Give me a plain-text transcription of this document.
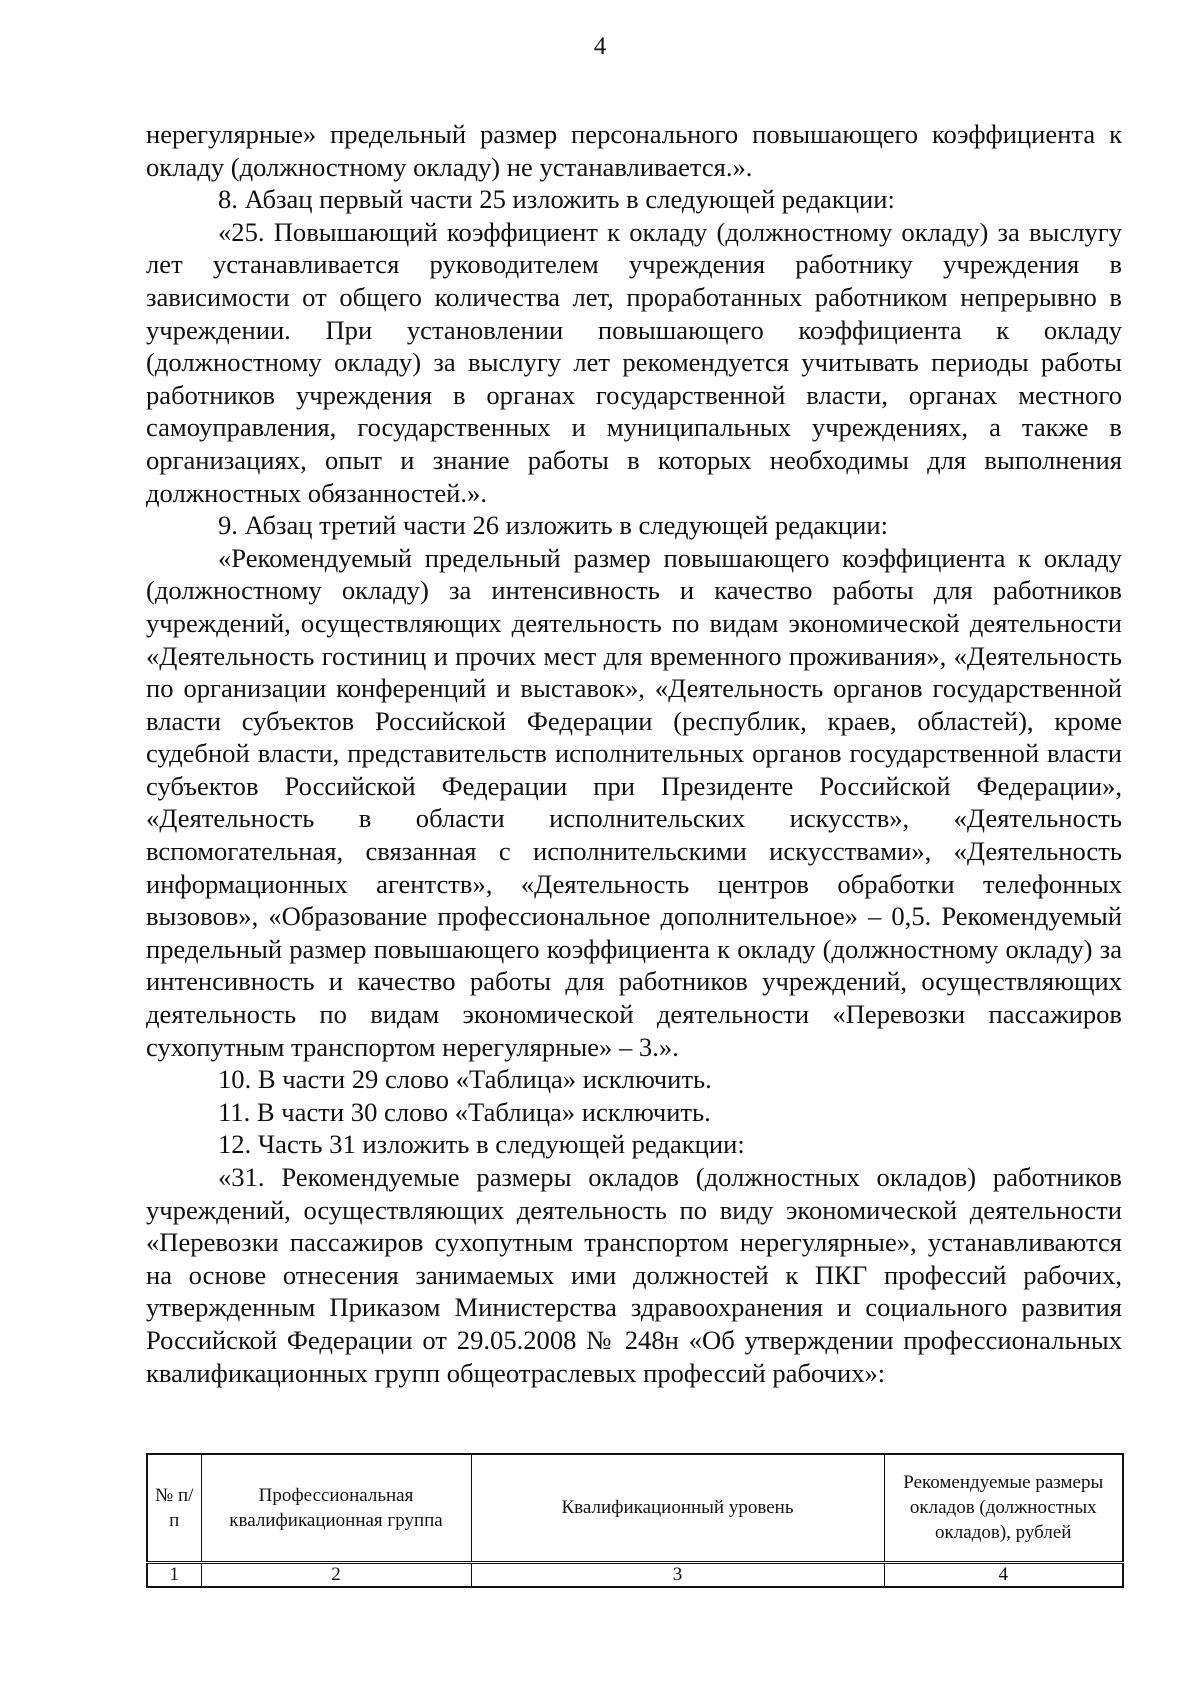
4

нерегулярные» предельный размер персонального повышающего коэффициента к окладу (должностному окладу) не устанавливается.».

8. Абзац первый части 25 изложить в следующей редакции:

«25. Повышающий коэффициент к окладу (должностному окладу) за выслугу лет устанавливается руководителем учреждения работнику учреждения в зависимости от общего количества лет, проработанных работником непрерывно в учреждении. При установлении повышающего коэффициента к окладу (должностному окладу) за выслугу лет рекомендуется учитывать периоды работы работников учреждения в органах государственной власти, органах местного самоуправления, государственных и муниципальных учреждениях, а также в организациях, опыт и знание работы в которых необходимы для выполнения должностных обязанностей.».

9. Абзац третий части 26 изложить в следующей редакции:

«Рекомендуемый предельный размер повышающего коэффициента к окладу (должностному окладу) за интенсивность и качество работы для работников учреждений, осуществляющих деятельность по видам экономической деятельности «Деятельность гостиниц и прочих мест для временного проживания», «Деятельность по организации конференций и выставок», «Деятельность органов государственной власти субъектов Российской Федерации (республик, краев, областей), кроме судебной власти, представительств исполнительных органов государственной власти субъектов Российской Федерации при Президенте Российской Федерации», «Деятельность в области исполнительских искусств», «Деятельность вспомогательная, связанная с исполнительскими искусствами», «Деятельность информационных агентств», «Деятельность центров обработки телефонных вызовов», «Образование профессиональное дополнительное» – 0,5. Рекомендуемый предельный размер повышающего коэффициента к окладу (должностному окладу) за интенсивность и качество работы для работников учреждений, осуществляющих деятельность по видам экономической деятельности «Перевозки пассажиров сухопутным транспортом нерегулярные» – 3.».

10. В части 29 слово «Таблица» исключить.

11. В части 30 слово «Таблица» исключить.

12. Часть 31 изложить в следующей редакции:

«31. Рекомендуемые размеры окладов (должностных окладов) работников учреждений, осуществляющих деятельность по виду экономической деятельности «Перевозки пассажиров сухопутным транспортом нерегулярные», устанавливаются на основе отнесения занимаемых ими должностей к ПКГ профессий рабочих, утвержденным Приказом Министерства здравоохранения и социального развития Российской Федерации от 29.05.2008 № 248н «Об утверждении профессиональных квалификационных групп общеотраслевых профессий рабочих»:

№ п/п	Профессиональная квалификационная группа	Квалификационный уровень	Рекомендуемые размеры окладов (должностных окладов), рублей
1	2	3	4
